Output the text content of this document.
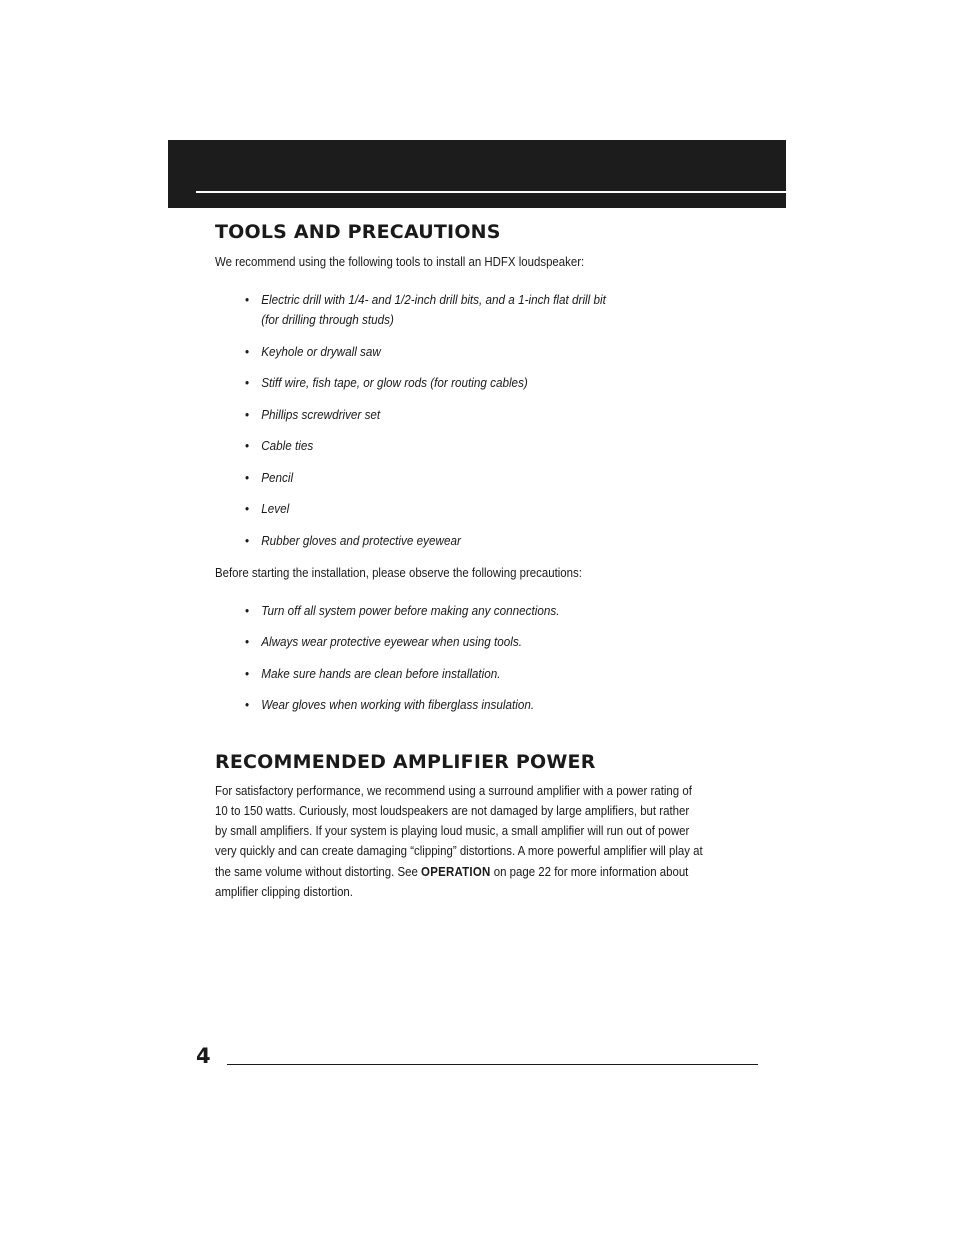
TOOLS AND PRECAUTIONS

We recommend using the following tools to install an HDFX loudspeaker:

• Electric drill with 1/4- and 1/2-inch drill bits, and a 1-inch flat drill bit
(for drilling through studs)
• Keyhole or drywall saw
• Stiff wire, fish tape, or glow rods (for routing cables)
• Phillips screwdriver set
• Cable ties
• Pencil
• Level
• Rubber gloves and protective eyewear

Before starting the installation, please observe the following precautions:

• Turn off all system power before making any connections.
• Always wear protective eyewear when using tools.
• Make sure hands are clean before installation.
• Wear gloves when working with fiberglass insulation.
RECOMMENDED AMPLIFIER POWER

For satisfactory performance, we recommend using a surround amplifier with a power rating of

10 to 150 watts. Curiously, most loudspeakers are not damaged by large amplifiers, but rather

by small amplifiers. If your system is playing loud music, a small amplifier will run out of power

very quickly and can create damaging “clipping” distortions. A more powerful amplifier will play at

the same volume without distorting. See OPERATION on page 22 for more information about

amplifier clipping distortion.

4
